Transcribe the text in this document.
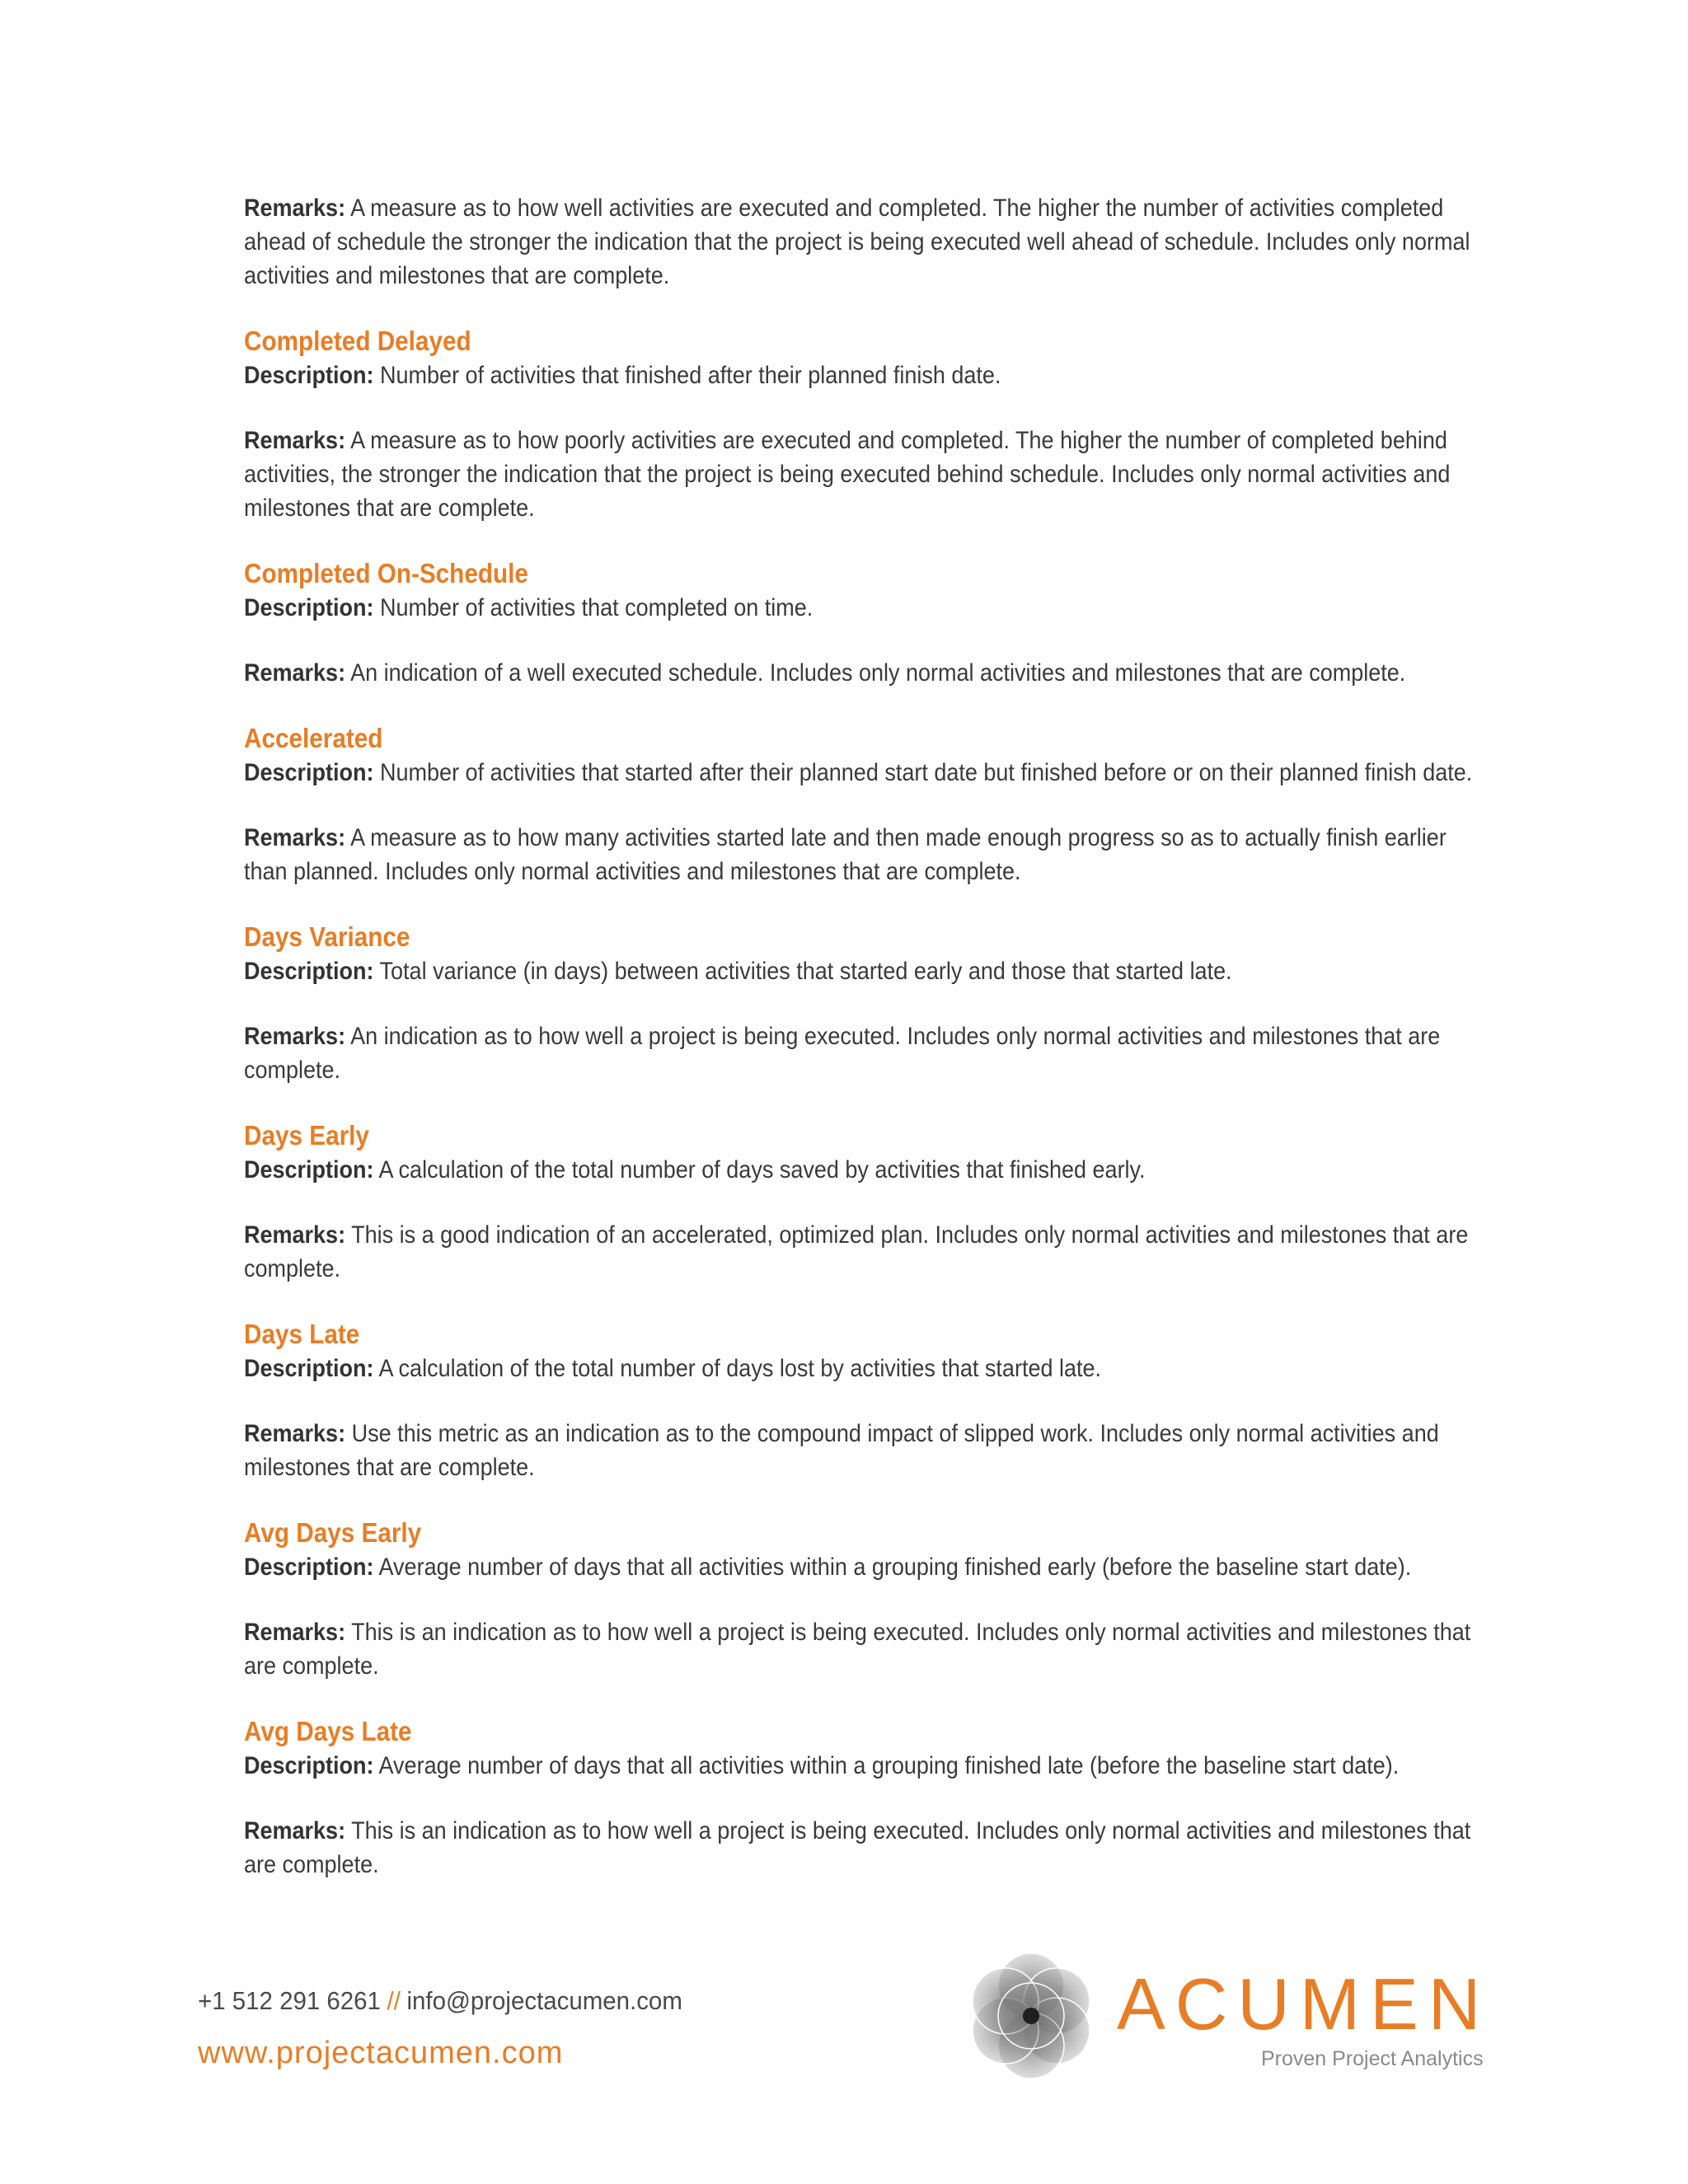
Remarks: A measure as to how well activities are executed and completed. The higher the number of activities completed ahead of schedule the stronger the indication that the project is being executed well ahead of schedule. Includes only normal activities and milestones that are complete.

Completed Delayed

Description: Number of activities that finished after their planned finish date.

Remarks: A measure as to how poorly activities are executed and completed. The higher the number of completed behind activities, the stronger the indication that the project is being executed behind schedule. Includes only normal activities and milestones that are complete.

Completed On-Schedule

Description: Number of activities that completed on time.

Remarks: An indication of a well executed schedule. Includes only normal activities and milestones that are complete.

Accelerated

Description: Number of activities that started after their planned start date but finished before or on their planned finish date.

Remarks: A measure as to how many activities started late and then made enough progress so as to actually finish earlier than planned. Includes only normal activities and milestones that are complete.

Days Variance

Description: Total variance (in days) between activities that started early and those that started late.

Remarks: An indication as to how well a project is being executed. Includes only normal activities and milestones that are complete.

Days Early

Description: A calculation of the total number of days saved by activities that finished early.

Remarks: This is a good indication of an accelerated, optimized plan. Includes only normal activities and milestones that are complete.

Days Late

Description: A calculation of the total number of days lost by activities that started late.

Remarks: Use this metric as an indication as to the compound impact of slipped work. Includes only normal activities and milestones that are complete.

Avg Days Early

Description: Average number of days that all activities within a grouping finished early (before the baseline start date).

Remarks: This is an indication as to how well a project is being executed. Includes only normal activities and milestones that are complete.

Avg Days Late

Description: Average number of days that all activities within a grouping finished late (before the baseline start date).

Remarks: This is an indication as to how well a project is being executed. Includes only normal activities and milestones that are complete.

+1 512 291 6261 // info@projectacumen.com
www.projectacumen.com
ACUMEN
Proven Project Analytics
